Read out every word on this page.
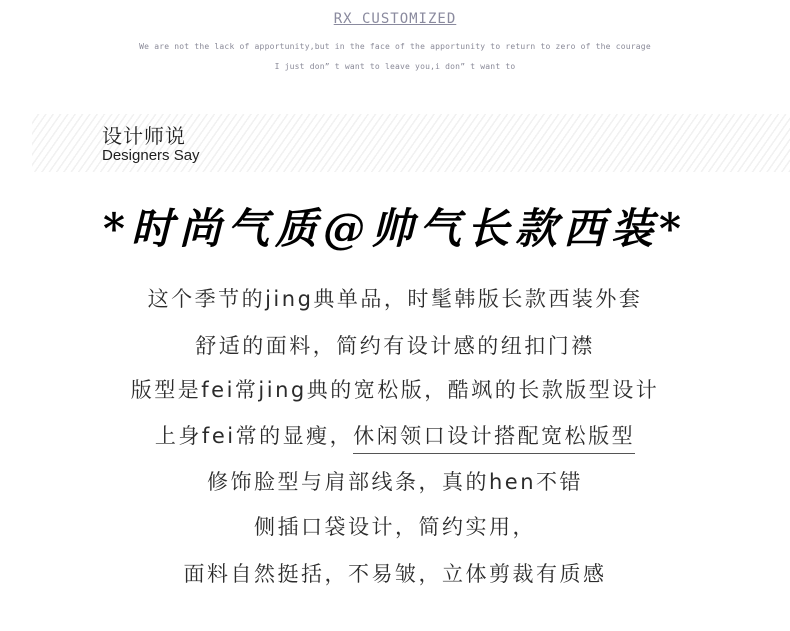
RX CUSTOMIZED
We are not the lack of apportunity,but in the face of the apportunity to return to zero of the courage
I just don” t want to leave you,i don” t want to
设计师说
Designers Say
*时尚气质@帅气长款西装*
这个季节的jing典单品，时髦韩版长款西装外套
舒适的面料，简约有设计感的纽扣门襟
版型是fei常jing典的宽松版，酷飒的长款版型设计
上身fei常的显瘦，休闲领口设计搭配宽松版型
修饰脸型与肩部线条，真的hen不错
侧插口袋设计，简约实用，
面料自然挺括，不易皱，立体剪裁有质感
